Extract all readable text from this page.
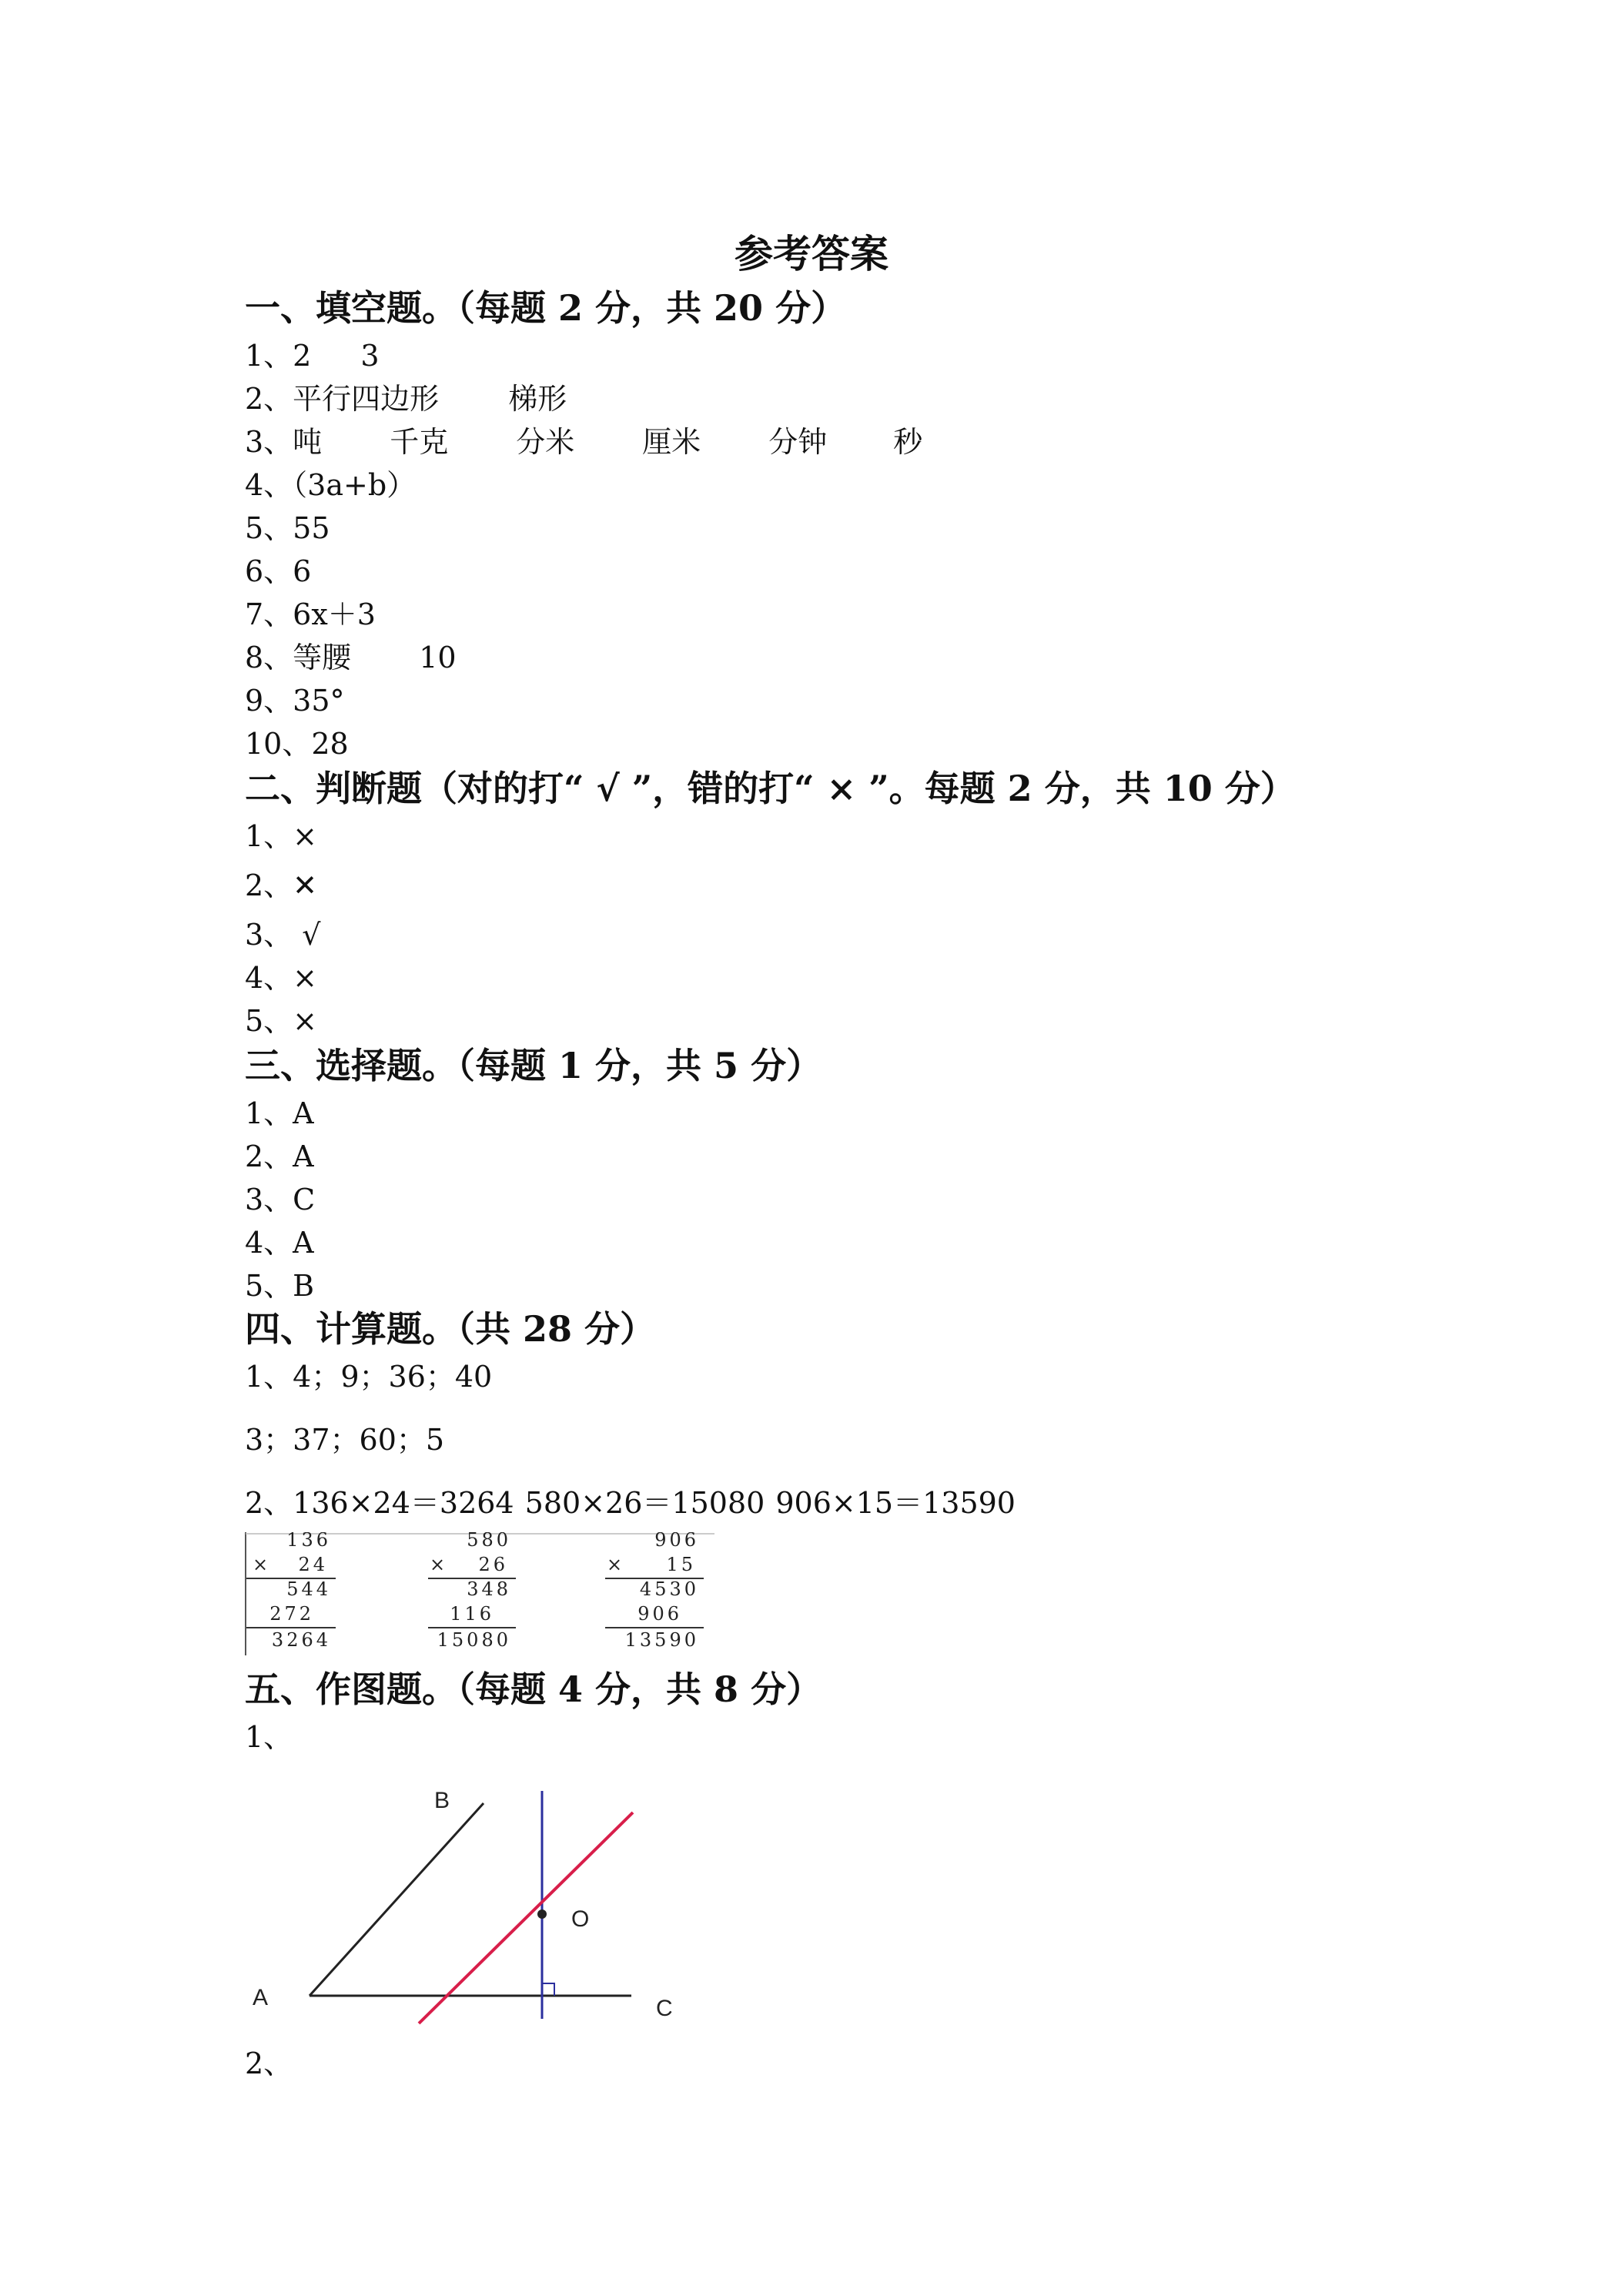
参考答案
一、填空题。（每题 2 分，共 20 分）
1、2 3
2、平行四边形 梯形
3、吨 千克 分米 厘米 分钟 秒
4、（3a+b）
5、55
6、6
7、6x＋3
8、等腰 10
9、35°
10、28
二、判断题（对的打“ √ ”，错的打“ × ”。每题 2 分，共 10 分）
1、×
2、✕
3、 √
4、×
5、×
三、选择题。（每题 1 分，共 5 分）
1、A
2、A
3、C
4、A
5、B
四、计算题。（共 28 分）
1、4；9；36；40
3；37；60；5
2、136×24＝3264 580×26＝15080 906×15＝13590
136
× 24
544
272
3264
580
× 26
348
116
15080
906
× 15
4530
906
13590
五、作图题。（每题 4 分，共 8 分）
1、
B
A	C
O
2、
